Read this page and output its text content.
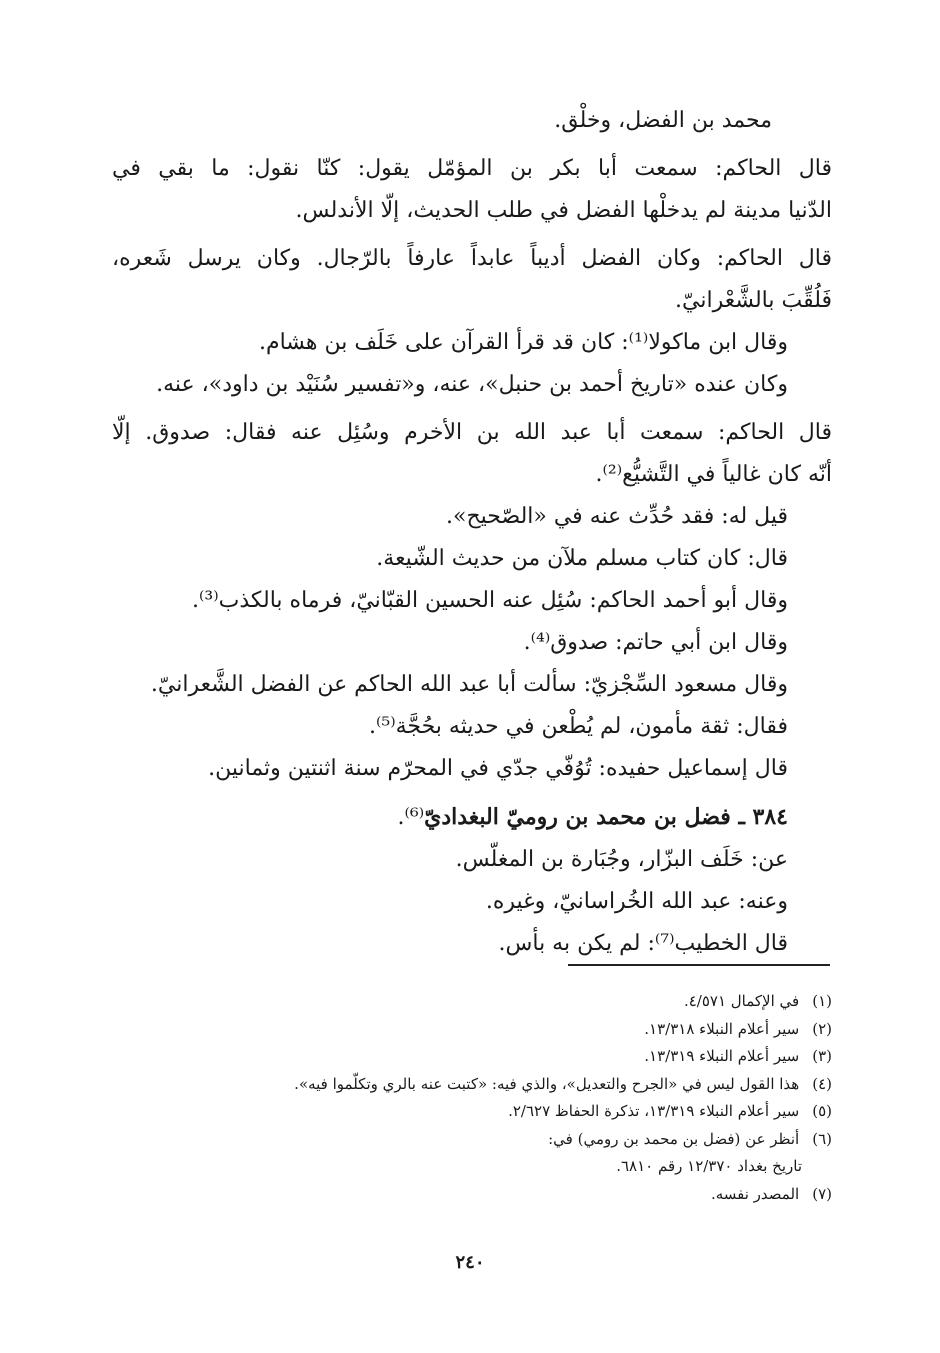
محمد بن الفضل، وخلْق.
قال الحاكم: سمعت أبا بكر بن المؤمّل يقول: كنّا نقول: ما بقي في
الدّنيا مدينة لم يدخلْها الفضل في طلب الحديث، إلّا الأندلس.
قال الحاكم: وكان الفضل أديباً عابداً عارفاً بالرّجال. وكان يرسل شَعره،
فَلُقِّبَ بالشَّعْرانيّ.
وقال ابن ماكولا⁽¹⁾: كان قد قرأ القرآن على خَلَف بن هشام.
وكان عنده «تاريخ أحمد بن حنبل»، عنه، و«تفسير سُنَيْد بن داود»، عنه.
قال الحاكم: سمعت أبا عبد الله بن الأخرم وسُئِل عنه فقال: صدوق. إلّا
أنّه كان غالياً في التَّشيُّع⁽²⁾.
قيل له: فقد حُدِّث عنه في «الصّحيح».
قال: كان كتاب مسلم ملآن من حديث الشّيعة.
وقال أبو أحمد الحاكم: سُئِل عنه الحسين القبّانيّ، فرماه بالكذب⁽³⁾.
وقال ابن أبي حاتم: صدوق⁽⁴⁾.
وقال مسعود السِّجْزيّ: سألت أبا عبد الله الحاكم عن الفضل الشَّعرانيّ.
فقال: ثقة مأمون، لم يُطْعن في حديثه بحُجَّة⁽⁵⁾.
قال إسماعيل حفيده: تُوُفّي جدّي في المحرّم سنة اثنتين وثمانين.
٣٨٤ ـ فضل بن محمد بن روميّ البغداديّ⁽⁶⁾.
عن: خَلَف البزّار، وجُبَارة بن المغلّس.
وعنه: عبد الله الخُراسانيّ، وغيره.
قال الخطيب⁽⁷⁾: لم يكن به بأس.
(١) في الإكمال ٤/٥٧١.
(٢) سير أعلام النبلاء ١٣/٣١٨.
(٣) سير أعلام النبلاء ١٣/٣١٩.
(٤) هذا القول ليس في «الجرح والتعديل»، والذي فيه: «كتبت عنه بالري وتكلّموا فيه».
(٥) سير أعلام النبلاء ١٣/٣١٩، تذكرة الحفاظ ٢/٦٢٧.
(٦) أنظر عن (فضل بن محمد بن رومي) في:
تاريخ بغداد ١٢/٣٧٠ رقم ٦٨١٠.
(٧) المصدر نفسه.
٢٤٠
